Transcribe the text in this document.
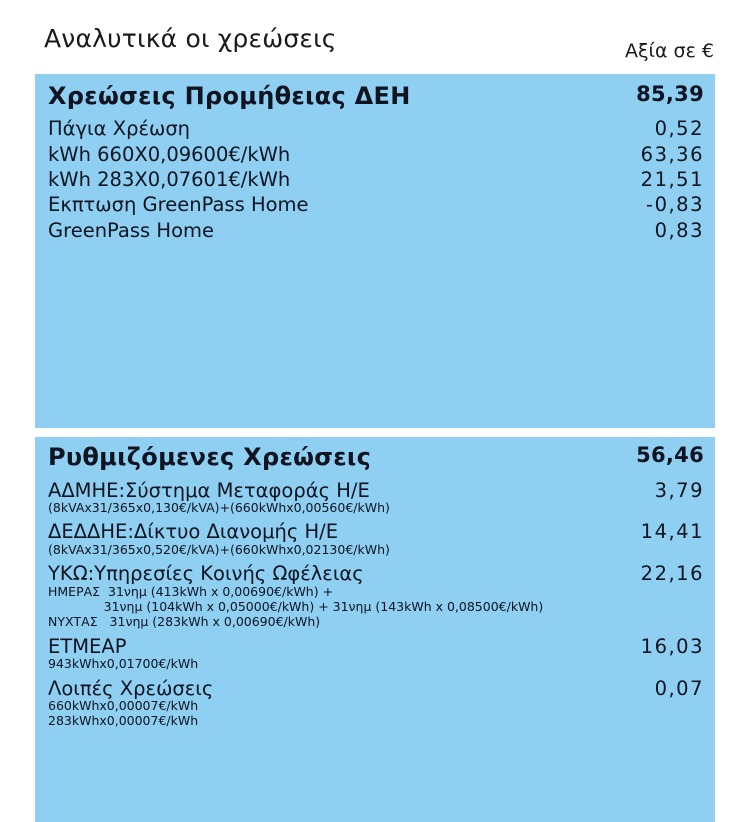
Αναλυτικά οι χρεώσεις	Αξία σε €
Χρεώσεις Προμήθειας ΔΕΗ	85,39
Πάγια Χρέωση	0,52
kWh 660X0,09600€/kWh	63,36
kWh 283X0,07601€/kWh	21,51
Εκπτωση GreenPass Home	-0,83
GreenPass Home	0,83
Ρυθμιζόμενες Χρεώσεις	56,46
ΑΔΜΗΕ:Σύστημα Μεταφοράς Η/Ε	3,79
(8kVAx31/365x0,130€/kVA)+(660kWhx0,00560€/kWh)
ΔΕΔΔΗΕ:Δίκτυο Διανομής Η/Ε	14,41
(8kVAx31/365x0,520€/kVA)+(660kWhx0,02130€/kWh)
ΥΚΩ:Υπηρεσίες Κοινής Ωφέλειας	22,16
ΗΜΕΡΑΣ  31νημ (413kWh x 0,00690€/kWh) +
31νημ (104kWh x 0,05000€/kWh) + 31νημ (143kWh x 0,08500€/kWh)
ΝΥΧΤΑΣ   31νημ (283kWh x 0,00690€/kWh)
ΕΤΜΕΑΡ	16,03
943kWhx0,01700€/kWh
Λοιπές Χρεώσεις	0,07
660kWhx0,00007€/kWh
283kWhx0,00007€/kWh
